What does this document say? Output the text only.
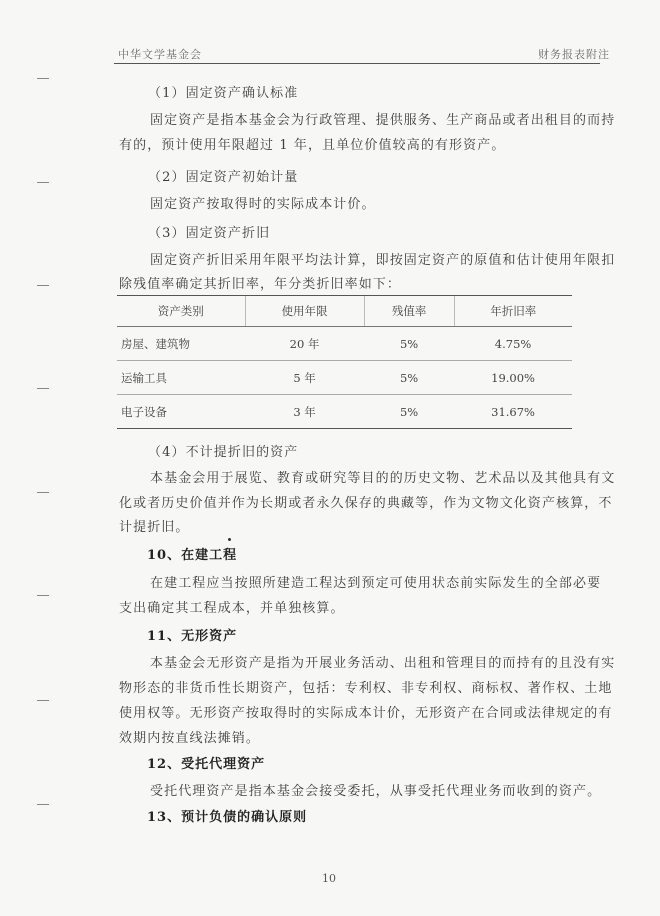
中华文学基金会	财务报表附注
（1）固定资产确认标准
固定资产是指本基金会为行政管理、提供服务、生产商品或者出租目的而持
有的，预计使用年限超过 1 年，且单位价值较高的有形资产。
（2）固定资产初始计量
固定资产按取得时的实际成本计价。
（3）固定资产折旧
固定资产折旧采用年限平均法计算，即按固定资产的原值和估计使用年限扣
除残值率确定其折旧率，年分类折旧率如下：
资产类别	使用年限	残值率	年折旧率
房屋、建筑物	20 年	5%	4.75%
运输工具	5 年	5%	19.00%
电子设备	3 年	5%	31.67%
（4）不计提折旧的资产
本基金会用于展览、教育或研究等目的的历史文物、艺术品以及其他具有文
化或者历史价值并作为长期或者永久保存的典藏等，作为文物文化资产核算，不
计提折旧。
10、在建工程
在建工程应当按照所建造工程达到预定可使用状态前实际发生的全部必要
支出确定其工程成本，并单独核算。
11、无形资产
本基金会无形资产是指为开展业务活动、出租和管理目的而持有的且没有实
物形态的非货币性长期资产，包括：专利权、非专利权、商标权、著作权、土地
使用权等。无形资产按取得时的实际成本计价，无形资产在合同或法律规定的有
效期内按直线法摊销。
12、受托代理资产
受托代理资产是指本基金会接受委托，从事受托代理业务而收到的资产。
13、预计负债的确认原则
10
